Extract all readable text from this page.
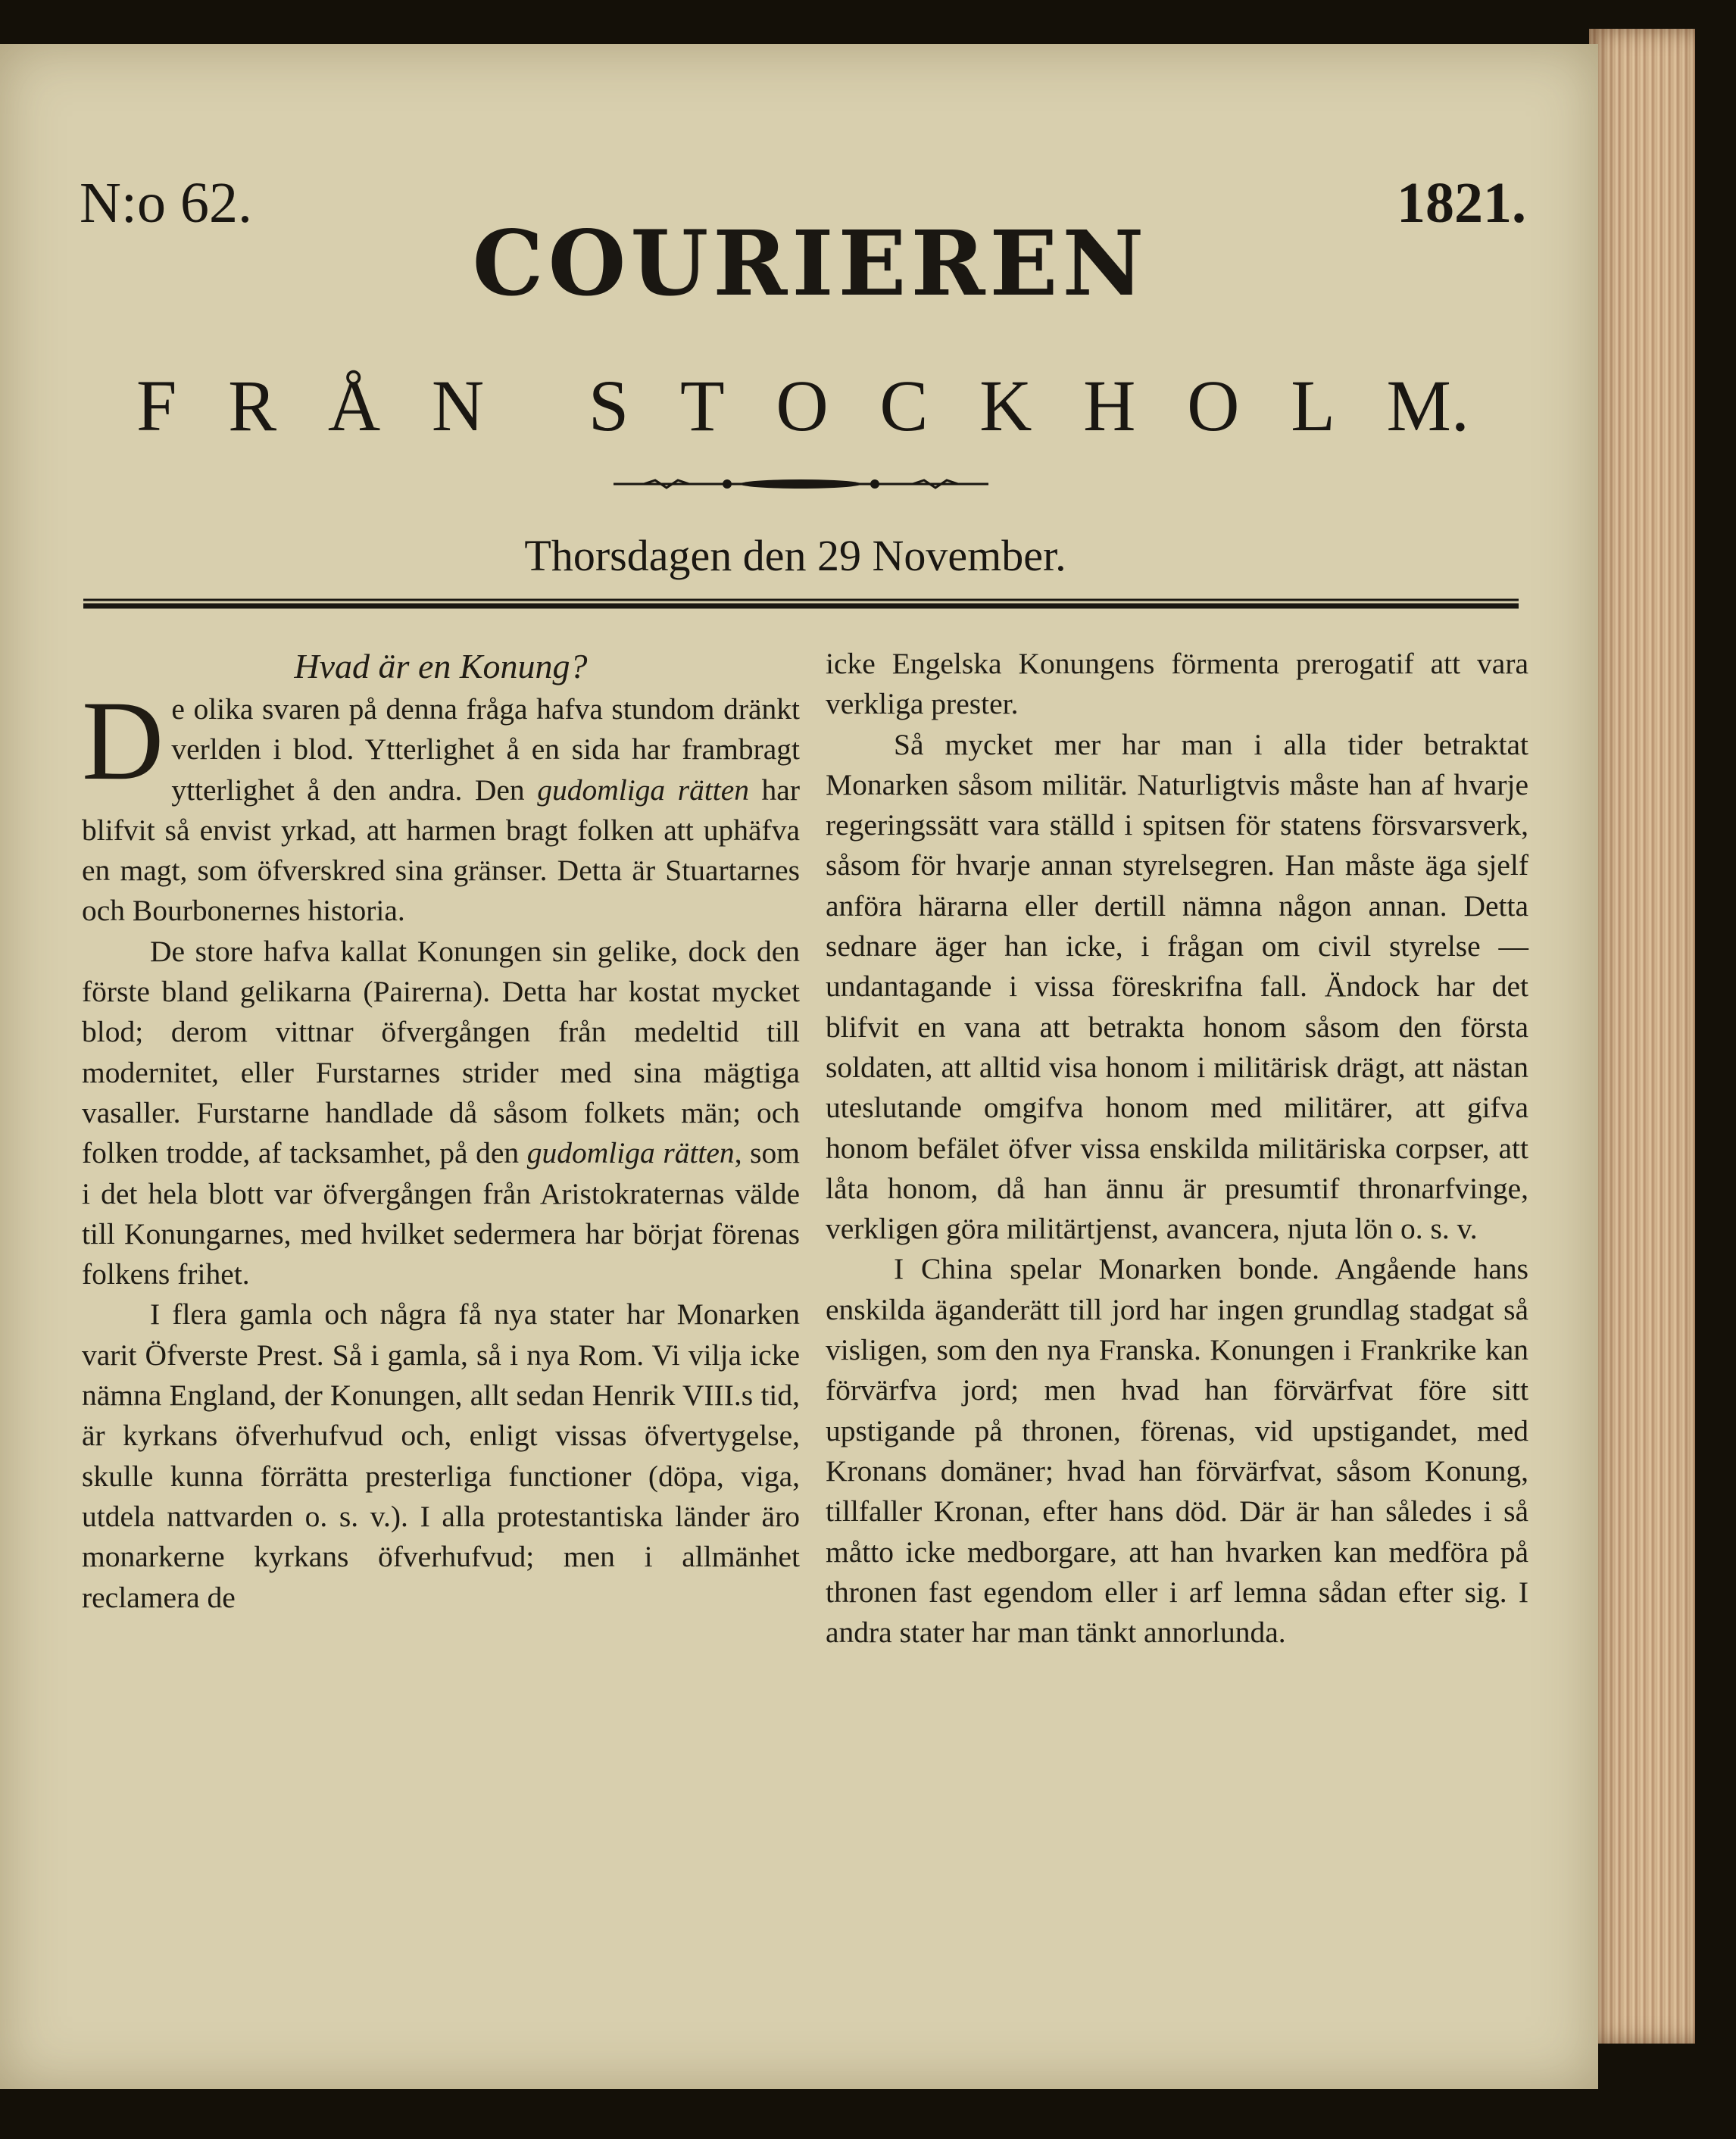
N:o 62.	1821.
COURIEREN
F R Å N S T O C K H O L M.
Thorsdagen den 29 November.

Hvad är en Konung?

De olika svaren på denna fråga hafva stundom dränkt verlden i blod. Ytterlighet å en sida har frambragt ytterlighet å den andra. Den gudomliga rätten har blifvit så envist yrkad, att harmen bragt folken att uphäfva en magt, som öfverskred sina gränser. Detta är Stuartarnes och Bourbonernes historia.

De store hafva kallat Konungen sin gelike, dock den förste bland gelikarna (Pairerna). Detta har kostat mycket blod; derom vittnar öfvergången från medeltid till modernitet, eller Furstarnes strider med sina mägtiga vasaller. Furstarne handlade då såsom folkets män; och folken trodde, af tacksamhet, på den gudomliga rätten, som i det hela blott var öfvergången från Aristokraternas välde till Konungarnes, med hvilket sedermera har börjat förenas folkens frihet.

I flera gamla och några få nya stater har Monarken varit Öfverste Prest. Så i gamla, så i nya Rom. Vi vilja icke nämna England, der Konungen, allt sedan Henrik VIII.s tid, är kyrkans öfverhufvud och, enligt vissas öfvertygelse, skulle kunna förrätta presterliga functioner (döpa, viga, utdela nattvarden o. s. v.). I alla protestantiska länder äro monarkerne kyrkans öfverhufvud; men i allmänhet reclamera de

icke Engelska Konungens förmenta prerogatif att vara verkliga prester.

Så mycket mer har man i alla tider betraktat Monarken såsom militär. Naturligtvis måste han af hvarje regeringssätt vara ställd i spitsen för statens försvarsverk, såsom för hvarje annan styrelsegren. Han måste äga sjelf anföra härarna eller dertill nämna någon annan. Detta sednare äger han icke, i frågan om civil styrelse — undantagande i vissa föreskrifna fall. Ändock har det blifvit en vana att betrakta honom såsom den första soldaten, att alltid visa honom i militärisk drägt, att nästan uteslutande omgifva honom med militärer, att gifva honom befälet öfver vissa enskilda militäriska corpser, att låta honom, då han ännu är presumtif thronarfvinge, verkligen göra militärtjenst, avancera, njuta lön o. s. v.

I China spelar Monarken bonde. Angående hans enskilda äganderätt till jord har ingen grundlag stadgat så visligen, som den nya Franska. Konungen i Frankrike kan förvärfva jord; men hvad han förvärfvat före sitt upstigande på thronen, förenas, vid upstigandet, med Kronans domäner; hvad han förvärfvat, såsom Konung, tillfaller Kronan, efter hans död. Där är han således i så måtto icke medborgare, att han hvarken kan medföra på thronen fast egendom eller i arf lemna sådan efter sig. I andra stater har man tänkt annorlunda.
